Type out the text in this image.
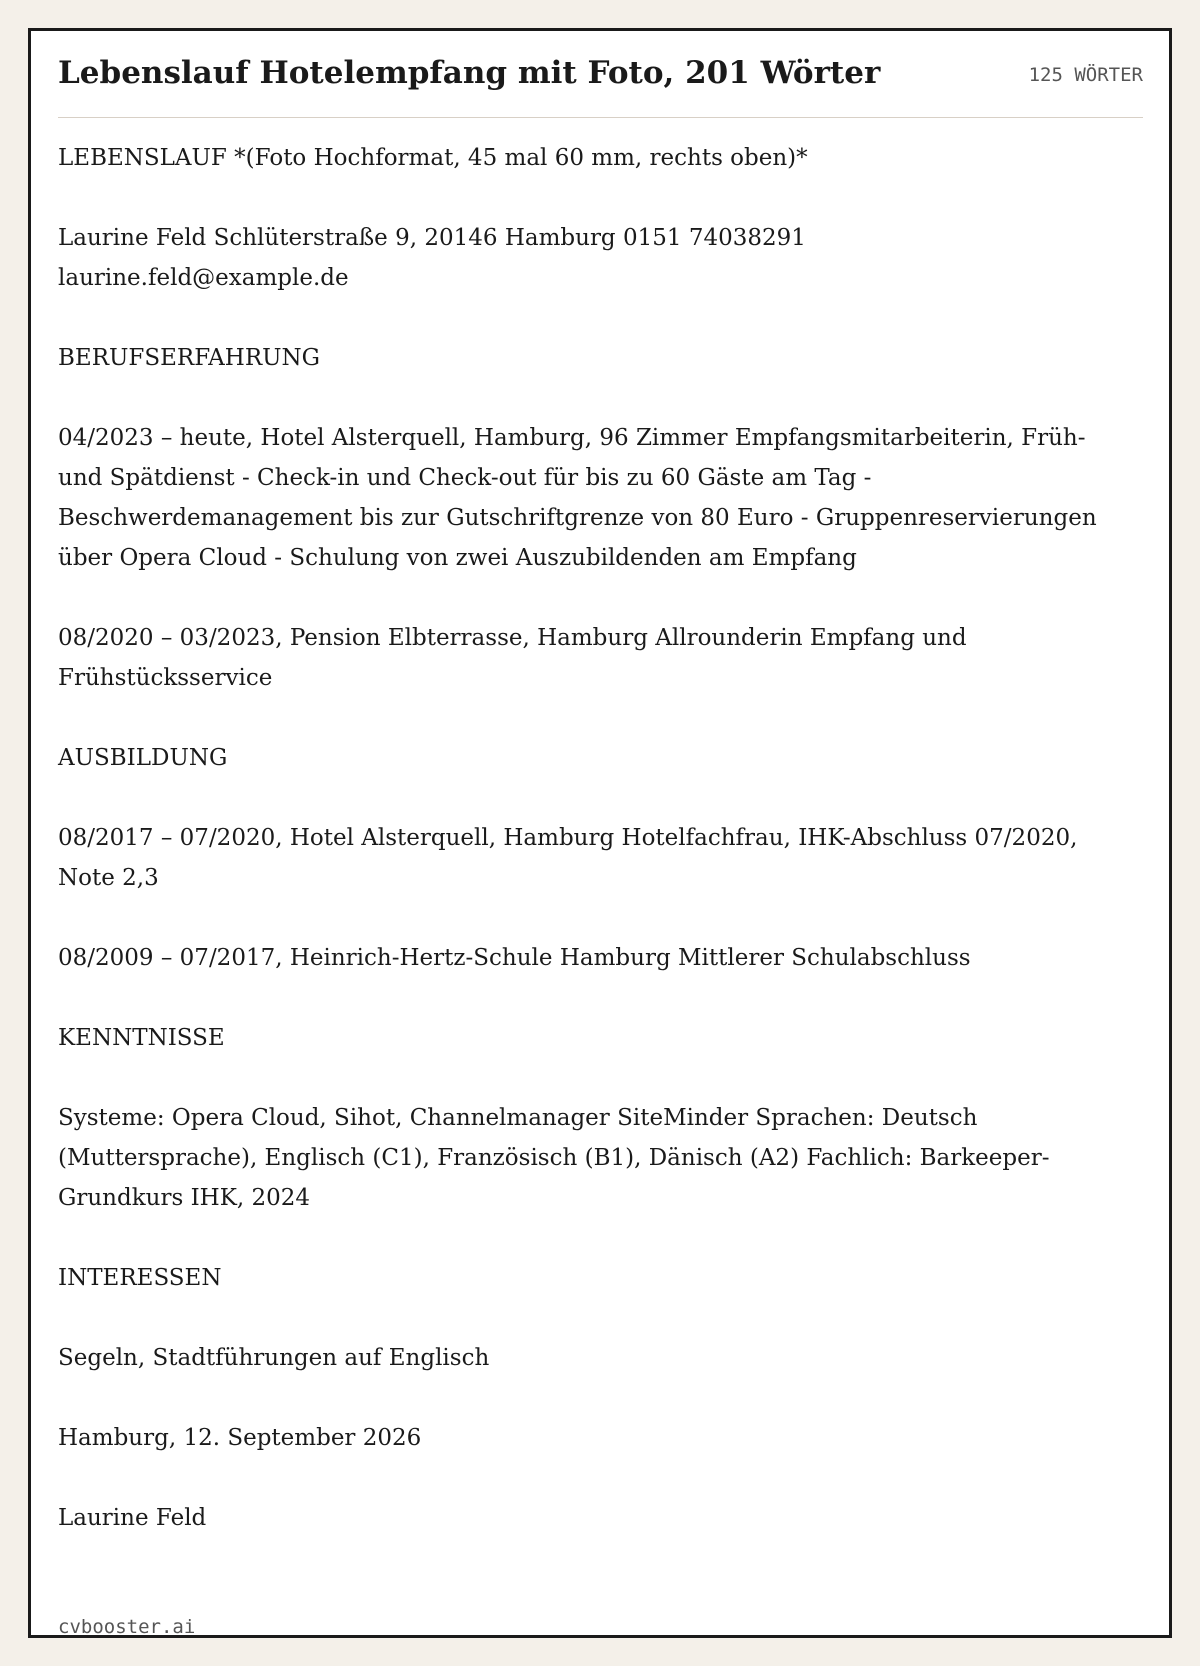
Lebenslauf Hotelempfang mit Foto, 201 Wörter	125 WÖRTER

LEBENSLAUF *(Foto Hochformat, 45 mal 60 mm, rechts oben)*

Laurine Feld Schlüterstraße 9, 20146 Hamburg 0151 74038291 laurine.feld@example.de

BERUFSERFAHRUNG

04/2023 – heute, Hotel Alsterquell, Hamburg, 96 Zimmer Empfangsmitarbeiterin, Früh- und Spätdienst - Check-in und Check-out für bis zu 60 Gäste am Tag - Beschwerdemanagement bis zur Gutschriftgrenze von 80 Euro - Gruppenreservierungen über Opera Cloud - Schulung von zwei Auszubildenden am Empfang

08/2020 – 03/2023, Pension Elbterrasse, Hamburg Allrounderin Empfang und Frühstücksservice

AUSBILDUNG

08/2017 – 07/2020, Hotel Alsterquell, Hamburg Hotelfachfrau, IHK-Abschluss 07/2020, Note 2,3

08/2009 – 07/2017, Heinrich-Hertz-Schule Hamburg Mittlerer Schulabschluss

KENNTNISSE

Systeme: Opera Cloud, Sihot, Channelmanager SiteMinder Sprachen: Deutsch (Muttersprache), Englisch (C1), Französisch (B1), Dänisch (A2) Fachlich: Barkeeper-Grundkurs IHK, 2024

INTERESSEN

Segeln, Stadtführungen auf Englisch

Hamburg, 12. September 2026

Laurine Feld

cvbooster.ai
